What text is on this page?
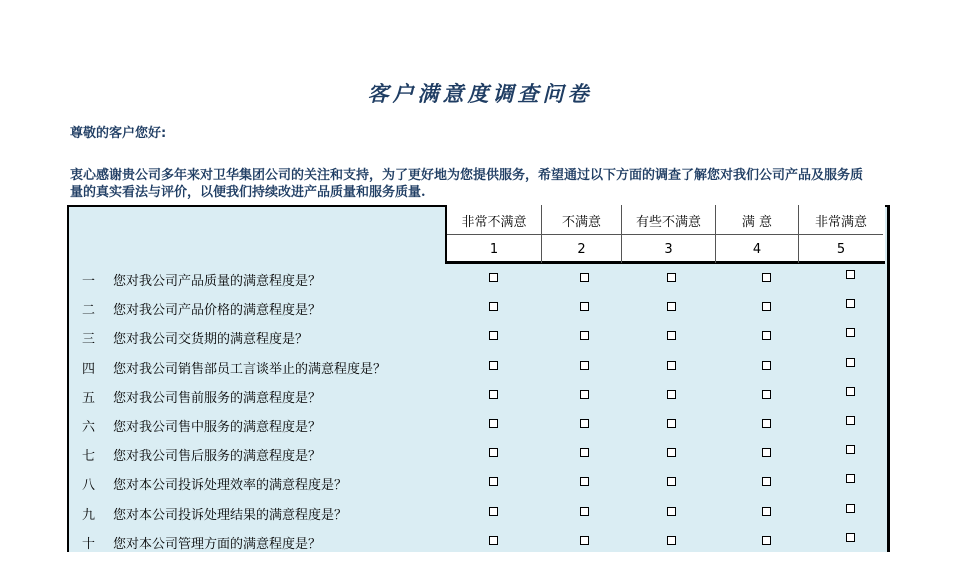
客户满意度调查问卷
尊敬的客户您好:
衷心感谢贵公司多年来对卫华集团公司的关注和支持，为了更好地为您提供服务，希望通过以下方面的调查了解您对我们公司产品及服务质量的真实看法与评价，以便我们持续改进产品质量和服务质量.
非常不满意	不满意	有些不满意	满 意	非常满意
1	2	3	4	5
一 您对我公司产品质量的满意程度是？
二 您对我公司产品价格的满意程度是？
三 您对我公司交货期的满意程度是？
四 您对我公司销售部员工言谈举止的满意程度是？
五 您对我公司售前服务的满意程度是？
六 您对我公司售中服务的满意程度是？
七 您对我公司售后服务的满意程度是？
八 您对本公司投诉处理效率的满意程度是？
九 您对本公司投诉处理结果的满意程度是？
十 您对本公司管理方面的满意程度是？
